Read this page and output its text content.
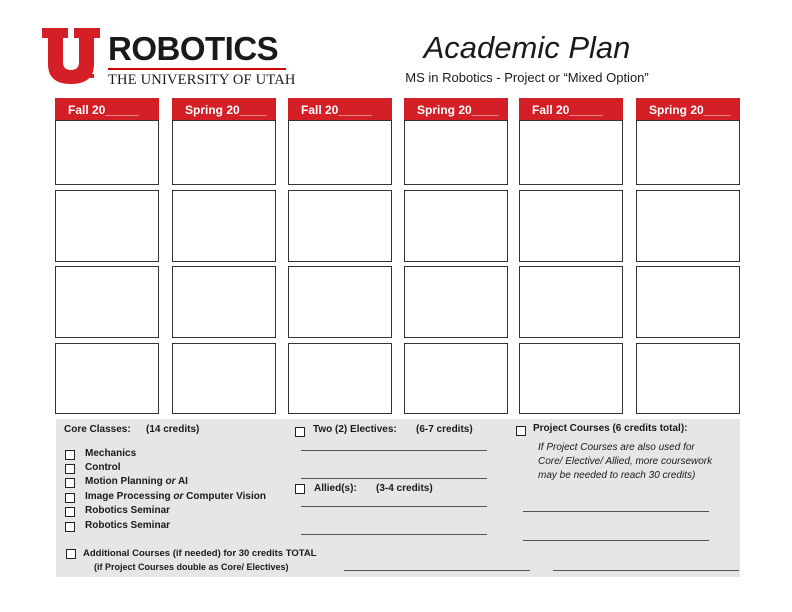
ROBOTICS
THE UNIVERSITY OF UTAH
Academic Plan
MS in Robotics - Project or “Mixed Option”
Fall 20_____	Spring 20____	Fall 20_____	Spring 20____	Fall 20_____	Spring 20____
Core Classes: (14 credits)
Mechanics
Control
Motion Planning or AI
Image Processing or Computer Vision
Robotics Seminar
Robotics Seminar
Two (2) Electives: (6-7 credits)
Allied(s): (3-4 credits)
Project Courses (6 credits total):
If Project Courses are also used for
Core/ Elective/ Allied, more coursework
may be needed to reach 30 credits)
Additional Courses (if needed) for 30 credits TOTAL
(if Project Courses double as Core/ Electives)
